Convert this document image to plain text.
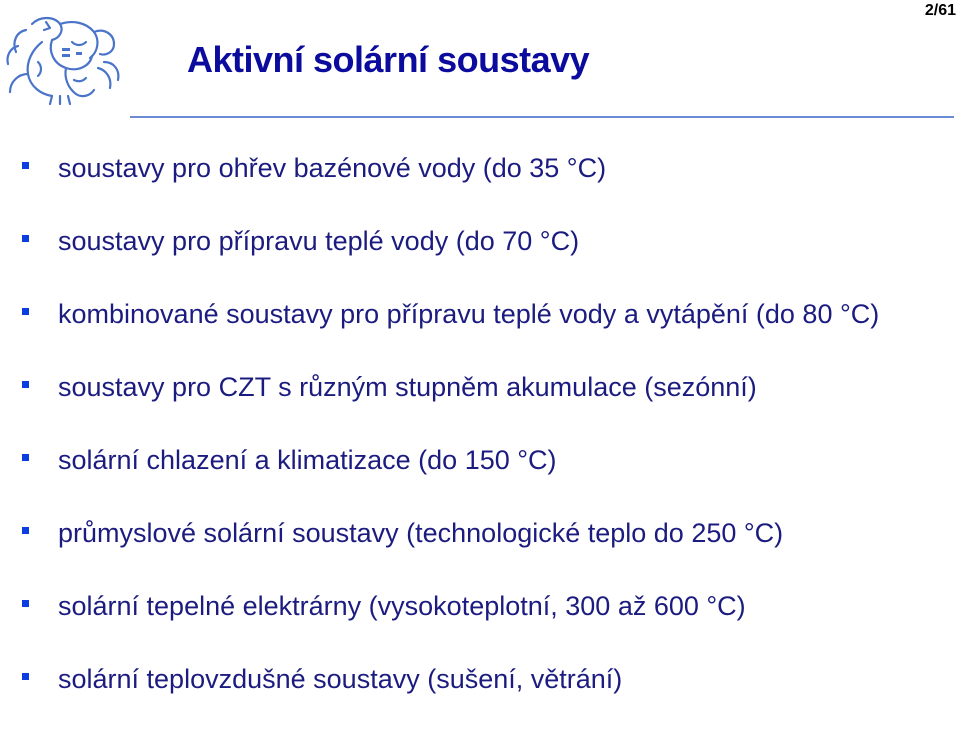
Aktivní solární soustavy
2/61
soustavy pro ohřev bazénové vody (do 35 °C)
soustavy pro přípravu teplé vody (do 70 °C)
kombinované soustavy pro přípravu teplé vody a vytápění (do 80 °C)
soustavy pro CZT s různým stupněm akumulace (sezónní)
solární chlazení a klimatizace (do 150 °C)
průmyslové solární soustavy (technologické teplo do 250 °C)
solární tepelné elektrárny (vysokoteplotní, 300 až 600 °C)
solární teplovzdušné soustavy (sušení, větrání)
